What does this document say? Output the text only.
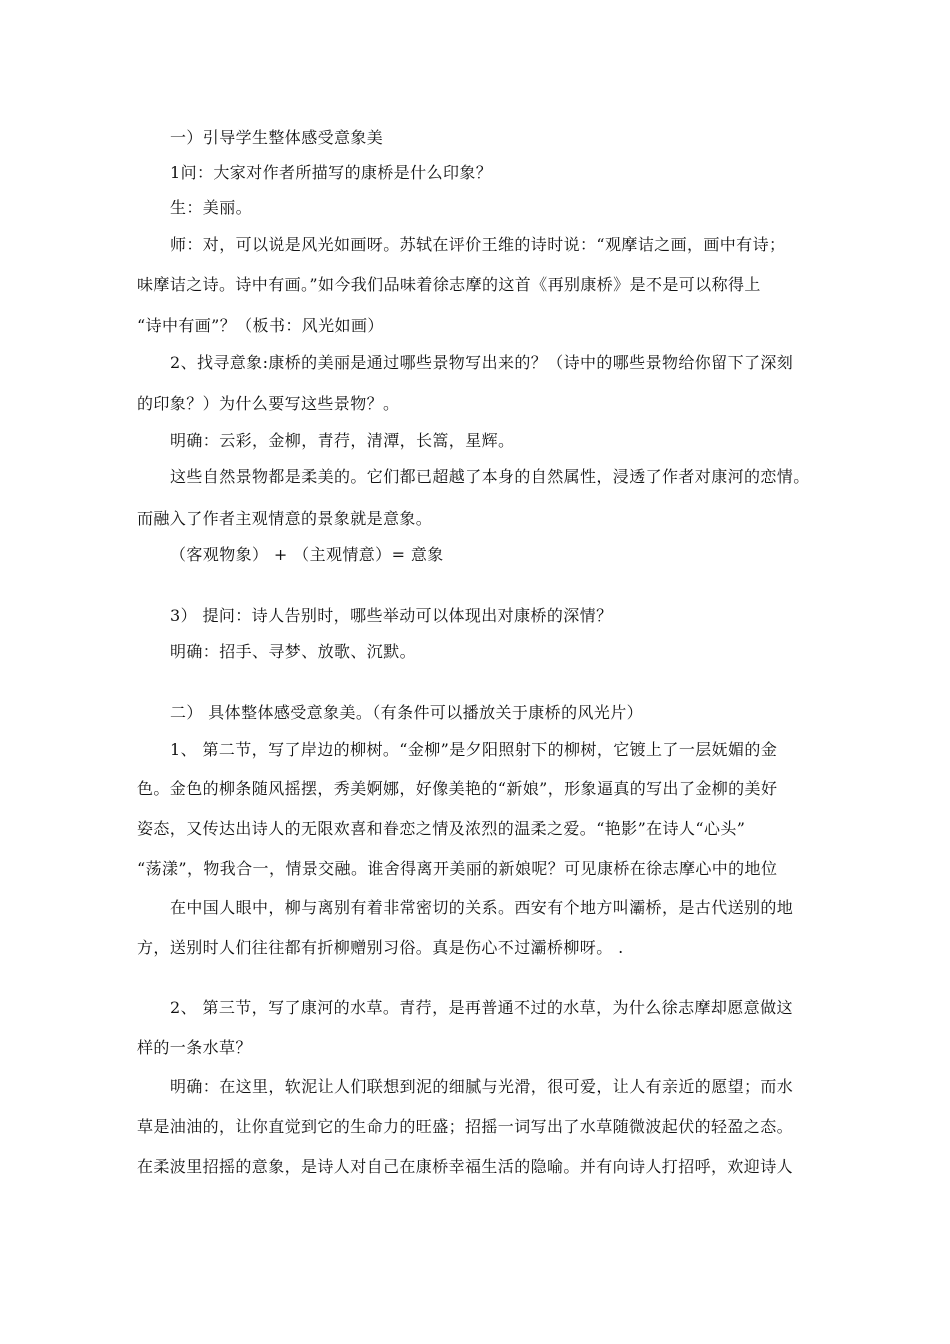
一）引导学生整体感受意象美
1问：大家对作者所描写的康桥是什么印象？
生：美丽。
师：对，可以说是风光如画呀。苏轼在评价王维的诗时说：“观摩诘之画，画中有诗；
味摩诘之诗。诗中有画。”如今我们品味着徐志摩的这首《再别康桥》是不是可以称得上
“诗中有画”？（板书：风光如画）
2、找寻意象:康桥的美丽是通过哪些景物写出来的？（诗中的哪些景物给你留下了深刻
的印象？）为什么要写这些景物？。
明确：云彩，金柳，青荇，清潭，长篙，星辉。
这些自然景物都是柔美的。它们都已超越了本身的自然属性，浸透了作者对康河的恋情。
而融入了作者主观情意的景象就是意象。
（客观物象） + （主观情意）= 意象
3） 提问：诗人告别时，哪些举动可以体现出对康桥的深情？
明确：招手、寻梦、放歌、沉默。
二） 具体整体感受意象美。（有条件可以播放关于康桥的风光片）
1、 第二节，写了岸边的柳树。“金柳”是夕阳照射下的柳树，它镀上了一层妩媚的金
色。金色的柳条随风摇摆，秀美婀娜，好像美艳的“新娘”，形象逼真的写出了金柳的美好
姿态，又传达出诗人的无限欢喜和眷恋之情及浓烈的温柔之爱。“艳影”在诗人“心头”
“荡漾”，物我合一，情景交融。谁舍得离开美丽的新娘呢？可见康桥在徐志摩心中的地位
在中国人眼中，柳与离别有着非常密切的关系。西安有个地方叫灞桥，是古代送别的地
方，送别时人们往往都有折柳赠别习俗。真是伤心不过灞桥柳呀。 .
2、 第三节，写了康河的水草。青荇，是再普通不过的水草，为什么徐志摩却愿意做这
样的一条水草？
明确：在这里，软泥让人们联想到泥的细腻与光滑，很可爱，让人有亲近的愿望；而水
草是油油的，让你直觉到它的生命力的旺盛；招摇一词写出了水草随微波起伏的轻盈之态。
在柔波里招摇的意象，是诗人对自己在康桥幸福生活的隐喻。并有向诗人打招呼，欢迎诗人
